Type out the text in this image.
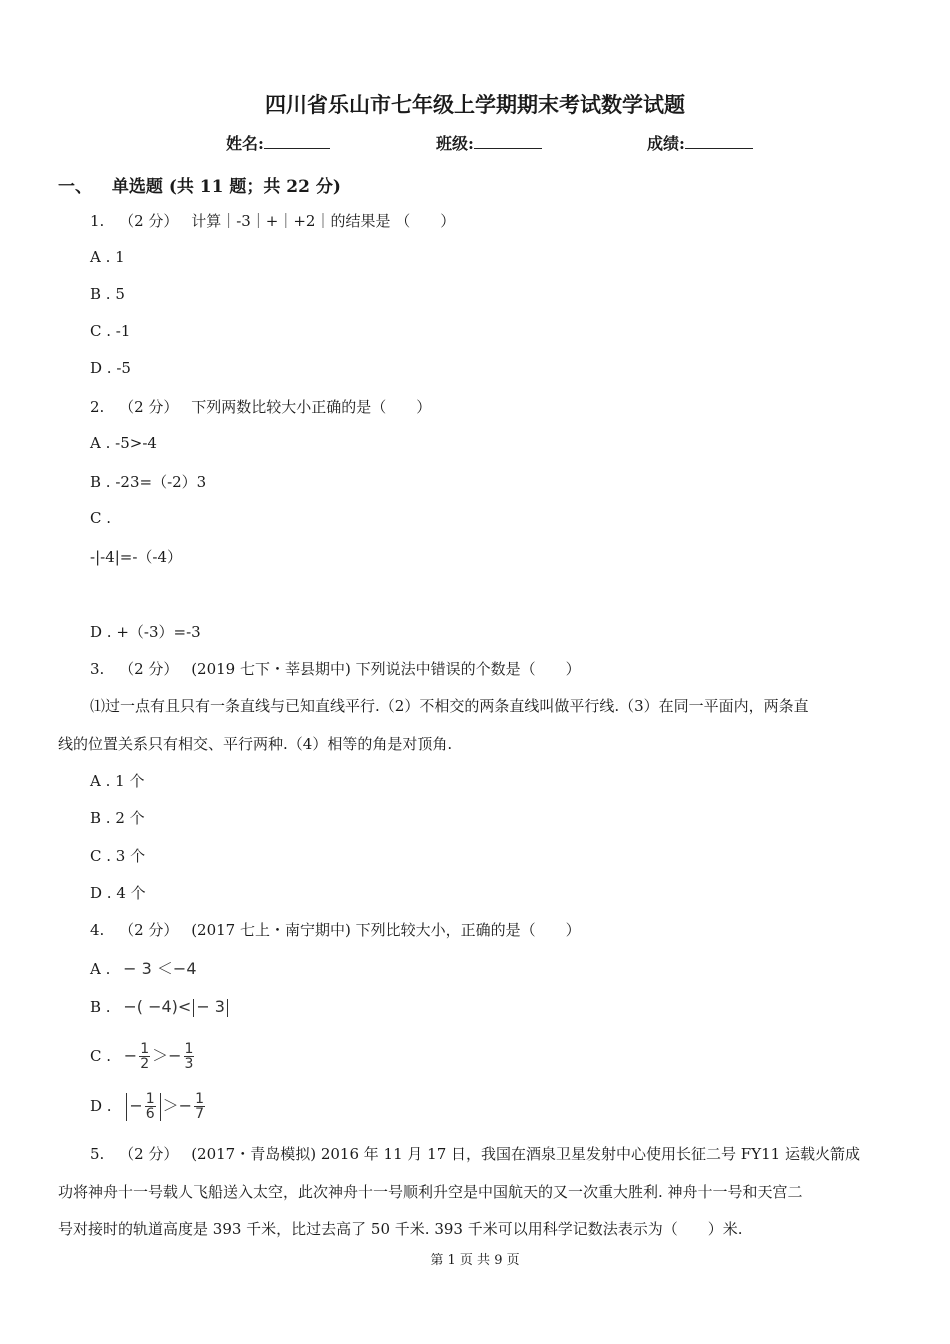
四川省乐山市七年级上学期期末考试数学试题
姓名:	班级:	成绩:
一、 单选题 (共 11 题；共 22 分)
1. （2 分） 计算｜-3｜+｜+2｜的结果是 （　　）
A . 1
B . 5
C . -1
D . -5
2. （2 分） 下列两数比较大小正确的是（　　）
A . -5>-4
B . -23=（-2）3
C .
-|-4|=-（-4）
D . +（-3）=-3
3. （2 分） (2019 七下・莘县期中) 下列说法中错误的个数是（　　）
⑴过一点有且只有一条直线与已知直线平行.（2）不相交的两条直线叫做平行线.（3）在同一平面内，两条直
线的位置关系只有相交、平行两种.（4）相等的角是对顶角.
A . 1 个
B . 2 个
C . 3 个
D . 4 个
4. （2 分） (2017 七上・南宁期中) 下列比较大小，正确的是（　　）
A . − 3 ＜−4
B . −( −4)< − 3
C . − $\frac{1}{2} >- \frac{1}{3}$
D . − $\frac{1}{6} >- \frac{1}{7}$
5. （2 分） (2017・青岛模拟) 2016 年 11 月 17 日，我国在酒泉卫星发射中心使用长征二号 FY11 运载火箭成
功将神舟十一号载人飞船送入太空，此次神舟十一号顺利升空是中国航天的又一次重大胜利. 神舟十一号和天宫二
号对接时的轨道高度是 393 千米，比过去高了 50 千米. 393 千米可以用科学记数法表示为（　　）米.
第 1 页 共 9 页
